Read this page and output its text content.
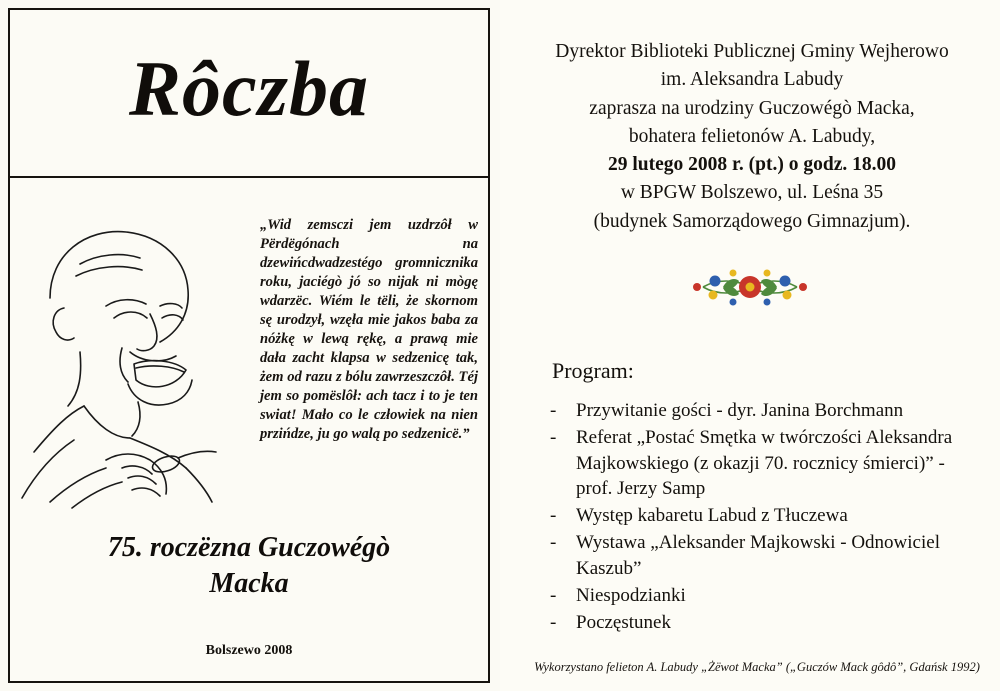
Rôczba
„Wid zemsczi jem uzdrzôł w Pёrdёgónach na dzewińcdwadzestégo gromnicznika roku, jaciégò jó so nijak ni mògę wdarzёc. Wiém le tёli, że skornom sę urodzył, wzęła mie jakos baba za nóżkę w lewą rękę, a prawą mie dała zacht klapsa w sedzenicę tak, żem od razu z bólu zawrzeszczôł. Téj jem so pomёslôł: ach tacz i to je ten swiat! Mało co le człowiek na nien przińdze, ju go walą po sedzenicё.”
75. roczëzna Guczowégò
Macka
Bolszewo 2008
Dyrektor Biblioteki Publicznej Gminy Wejherowo
im. Aleksandra Labudy
zaprasza na urodziny Guczowégò Macka,
bohatera felietonów A. Labudy,
29 lutego 2008 r. (pt.) o godz. 18.00
w BPGW Bolszewo, ul. Leśna 35
(budynek Samorządowego Gimnazjum).
Program:
-	Przywitanie gości - dyr. Janina Borchmann
-	Referat „Postać Smętka w twórczości Aleksandra Majkowskiego (z okazji 70. rocznicy śmierci)” - prof. Jerzy Samp
-	Występ kabaretu Labud z Tłuczewa
-	Wystawa „Aleksander Majkowski - Odnowiciel Kaszub”
-	Niespodzianki
-	Poczęstunek
Wykorzystano felieton A. Labudy „Żëwot Macka” („Guczów Mack gôdô”, Gdańsk 1992)
